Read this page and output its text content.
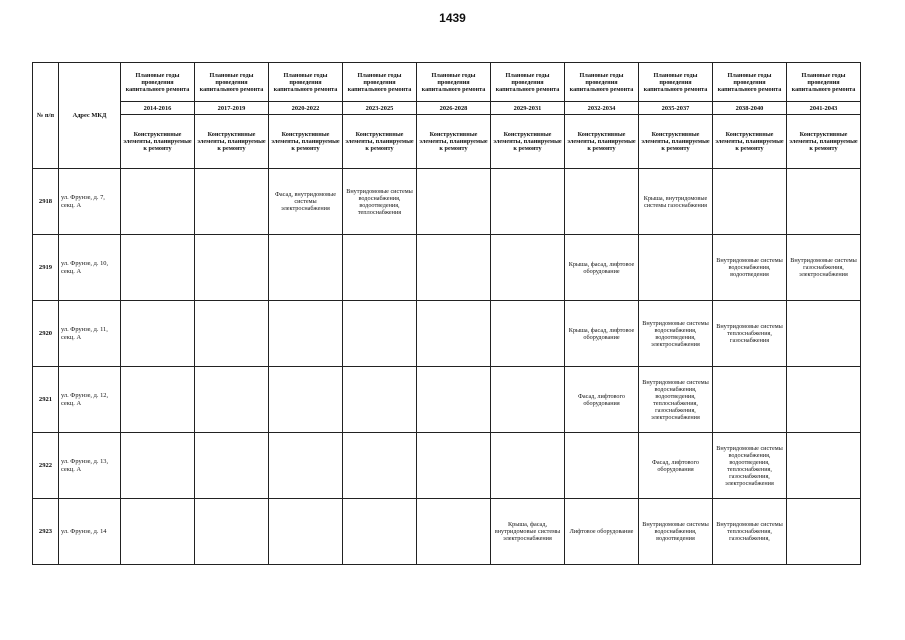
1439
№ п/п	Адрес МКД	Плановые годы проведения капитального ремонта	Плановые годы проведения капитального ремонта	Плановые годы проведения капитального ремонта	Плановые годы проведения капитального ремонта	Плановые годы проведения капитального ремонта	Плановые годы проведения капитального ремонта	Плановые годы проведения капитального ремонта	Плановые годы проведения капитального ремонта	Плановые годы проведения капитального ремонта	Плановые годы проведения капитального ремонта
		2014-2016	2017-2019	2020-2022	2023-2025	2026-2028	2029-2031	2032-2034	2035-2037	2038-2040	2041-2043
		Конструктивные элементы, планируемые к ремонту	Конструктивные элементы, планируемые к ремонту	Конструктивные элементы, планируемые к ремонту	Конструктивные элементы, планируемые к ремонту	Конструктивные элементы, планируемые к ремонту	Конструктивные элементы, планируемые к ремонту	Конструктивные элементы, планируемые к ремонту	Конструктивные элементы, планируемые к ремонту	Конструктивные элементы, планируемые к ремонту	Конструктивные элементы, планируемые к ремонту
2918	ул. Фрунзе, д. 7, секц. А			Фасад, внутридомовые системы электроснабжения	Внутридомовые системы водоснабжения, водоотведения, теплоснабжения				Крыша, внутридомовые системы газоснабжения		
2919	ул. Фрунзе, д. 10, секц. А							Крыша, фасад, лифтовое оборудование		Внутридомовые системы водоснабжения, водоотведения	Внутридомовые системы газоснабжения, электроснабжения
2920	ул. Фрунзе, д. 11, секц. А							Крыша, фасад, лифтовое оборудование	Внутридомовые системы водоснабжения, водоотведения, электроснабжения	Внутридомовые системы теплоснабжения, газоснабжения	
2921	ул. Фрунзе, д. 12, секц. А							Фасад, лифтового оборудования	Внутридомовые системы водоснабжения, водоотведения, теплоснабжения, газоснабжения, электроснабжения		
2922	ул. Фрунзе, д. 13, секц. А								Фасад, лифтового оборудования	Внутридомовые системы водоснабжения, водоотведения, теплоснабжения, газоснабжения, электроснабжения	
2923	ул. Фрунзе, д. 14						Крыша, фасад, внутридомовые системы электроснабжения	Лифтовое оборудование	Внутридомовые системы водоснабжения, водоотведения	Внутридомовые системы теплоснабжения, газоснабжения,	
